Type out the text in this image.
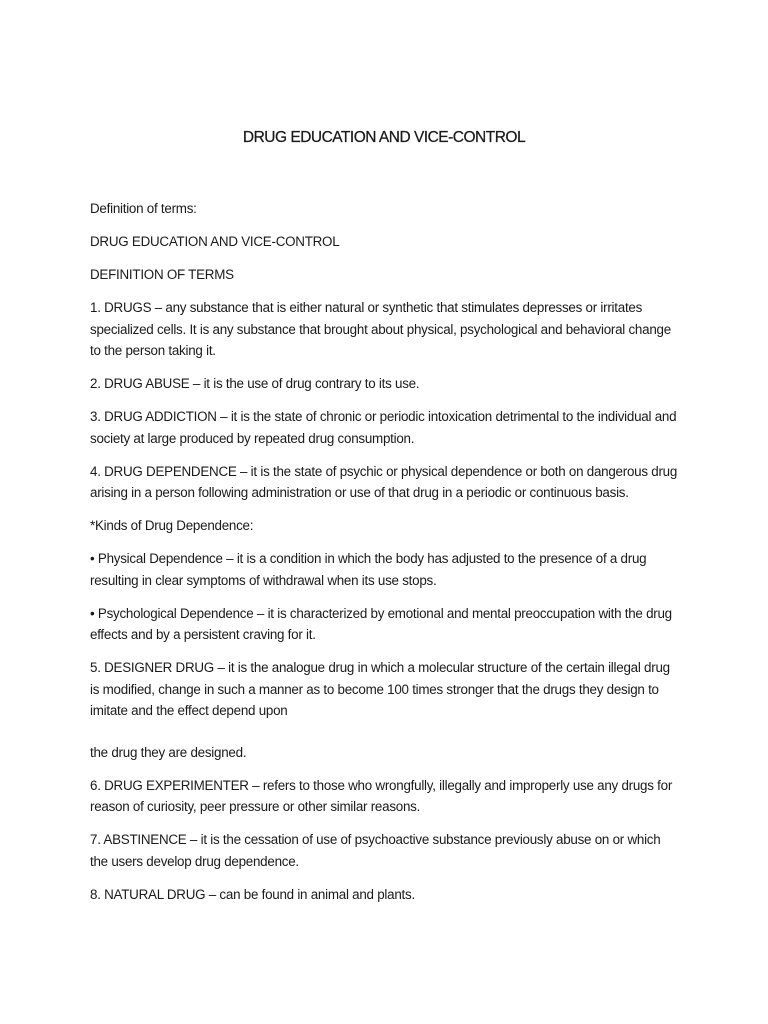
DRUG EDUCATION AND VICE-CONTROL

Definition of terms:

DRUG EDUCATION AND VICE-CONTROL

DEFINITION OF TERMS

1. DRUGS – any substance that is either natural or synthetic that stimulates depresses or irritates specialized cells. It is any substance that brought about physical, psychological and behavioral change to the person taking it.

2. DRUG ABUSE – it is the use of drug contrary to its use.

3. DRUG ADDICTION – it is the state of chronic or periodic intoxication detrimental to the individual and society at large produced by repeated drug consumption.

4. DRUG DEPENDENCE – it is the state of psychic or physical dependence or both on dangerous drug arising in a person following administration or use of that drug in a periodic or continuous basis.

*Kinds of Drug Dependence:

• Physical Dependence – it is a condition in which the body has adjusted to the presence of a drug resulting in clear symptoms of withdrawal when its use stops.

• Psychological Dependence – it is characterized by emotional and mental preoccupation with the drug effects and by a persistent craving for it.

5. DESIGNER DRUG – it is the analogue drug in which a molecular structure of the certain illegal drug is modified, change in such a manner as to become 100 times stronger that the drugs they design to imitate and the effect depend upon

the drug they are designed.

6. DRUG EXPERIMENTER – refers to those who wrongfully, illegally and improperly use any drugs for reason of curiosity, peer pressure or other similar reasons.

7. ABSTINENCE – it is the cessation of use of psychoactive substance previously abuse on or which the users develop drug dependence.

8. NATURAL DRUG – can be found in animal and plants.
